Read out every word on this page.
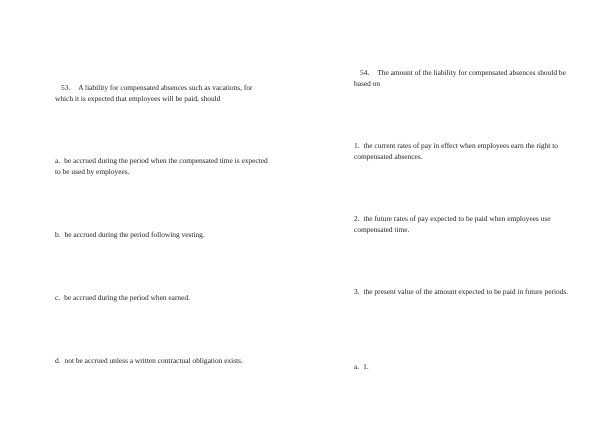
53. A liability for compensated absences such as vacations, for which it is expected that employees will be paid, should

a. be accrued during the period when the compensated time is expected to be used by employees.

b. be accrued during the period following vesting.

c. be accrued during the period when earned.

d. not be accrued unless a written contractual obligation exists.

54. The amount of the liability for compensated absences should be based on

1. the current rates of pay in effect when employees earn the right to compensated absences.

2. the future rates of pay expected to be paid when employees use compensated time.

3. the present value of the amount expected to be paid in future periods.

a. 1.
